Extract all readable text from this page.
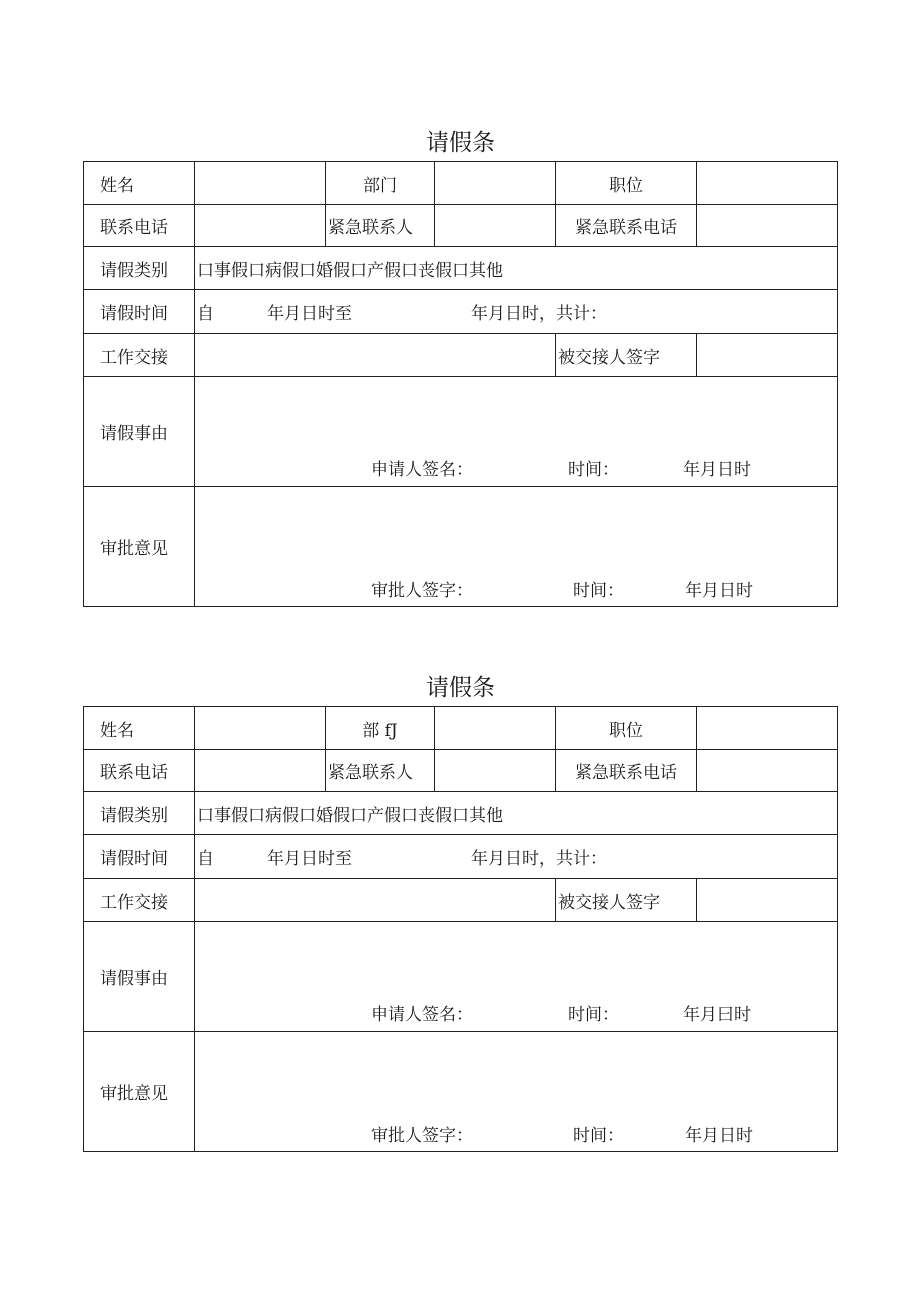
请假条
姓名	部门	职位
联系电话	紧急联系人	紧急联系电话
请假类别	口事假口病假口婚假口产假口丧假口其他
请假时间	自	年月日时至	年月日时，共计：
工作交接	被交接人签字
请假事由
申请人签名：	时间：	年月日时
审批意见
审批人签字：	时间：	年月日时
请假条
姓名	部 fJ	职位
联系电话	紧急联系人	紧急联系电话
请假类别	口事假口病假口婚假口产假口丧假口其他
请假时间	自	年月日时至	年月日时，共计：
工作交接	被交接人签字
请假事由
申请人签名：	时间：	年月曰时
审批意见
审批人签字：	时间：	年月日时
